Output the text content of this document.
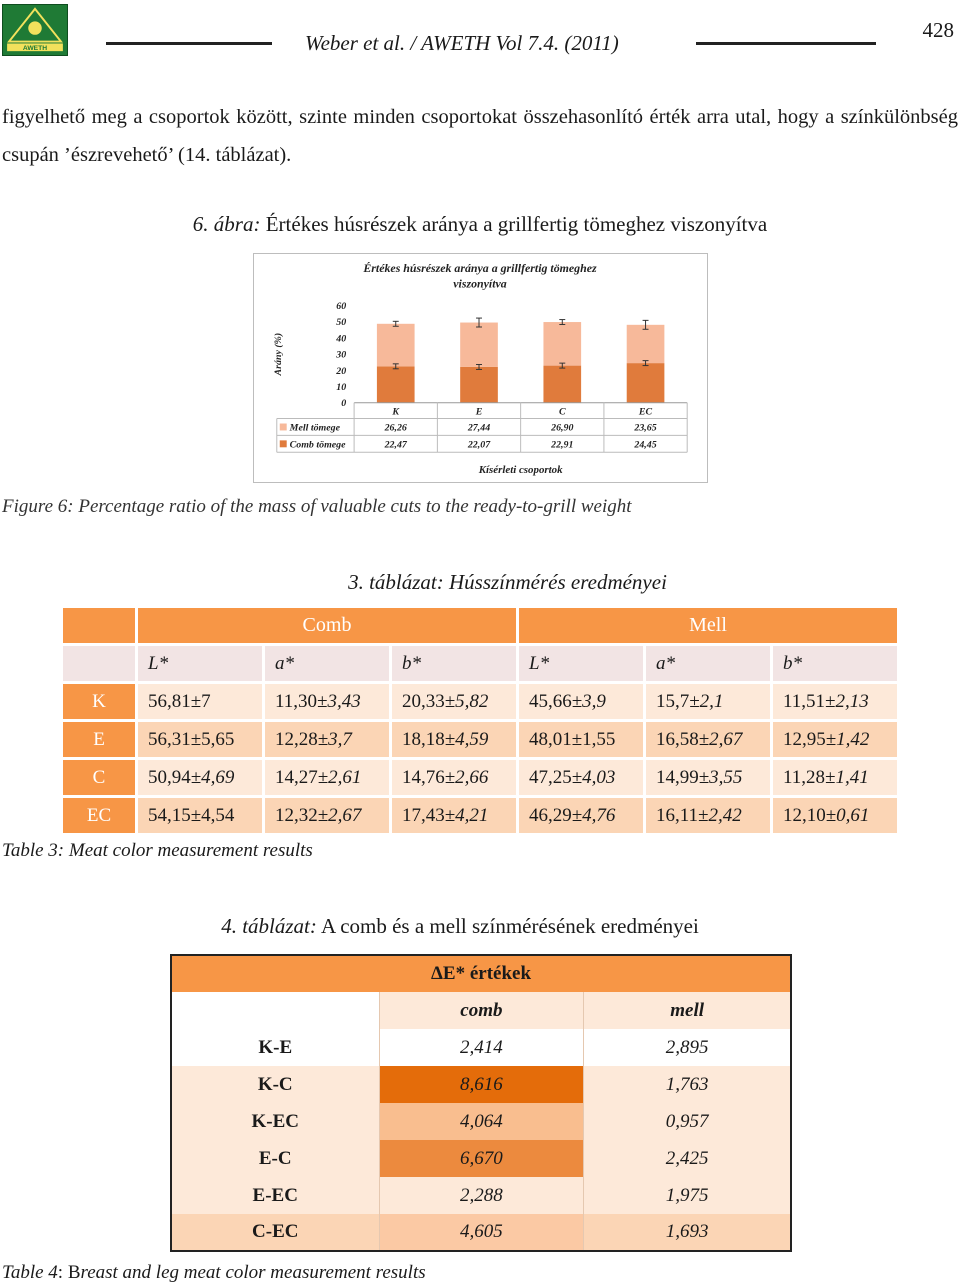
AWETH	Weber et al. / AWETH Vol 7.4. (2011)
428

figyelhető meg a csoportok között, szinte minden csoportokat összehasonlító érték arra utal, hogy a színkülönbség csupán ’észrevehető’ (14. táblázat).

6. ábra: Értékes húsrészek aránya a grillfertig tömeghez viszonyítva
Értékes húsrészek aránya a grillfertig tömeghez
viszonyítva
Arány (%)
0
10
20
30
40
50
60
K	E	C	EC
Mell tömege	26,26	27,44	26,90	23,65
Comb tömege	22,47	22,07	22,91	24,45
Kísérleti csoportok
Figure 6: Percentage ratio of the mass of valuable cuts to the ready-to-grill weight
3. táblázat: Hússzínmérés eredményei
	Comb			Mell		
	L*	a*	b*	L*	a*	b*
K	56,81±7	11,30±3,43	20,33±5,82	45,66±3,9	15,7±2,1	11,51±2,13
E	56,31±5,65	12,28±3,7	18,18±4,59	48,01±1,55	16,58±2,67	12,95±1,42
C	50,94±4,69	14,27±2,61	14,76±2,66	47,25±4,03	14,99±3,55	11,28±1,41
EC	54,15±4,54	12,32±2,67	17,43±4,21	46,29±4,76	16,11±2,42	12,10±0,61
Table 3: Meat color measurement results
4. táblázat: A comb és a mell színmérésének eredményei
	ΔE* értékek	
	comb	mell
K-E	2,414	2,895
K-C	8,616	1,763
K-EC	4,064	0,957
E-C	6,670	2,425
E-EC	2,288	1,975
C-EC	4,605	1,693
Table 4: Breast and leg meat color measurement results
